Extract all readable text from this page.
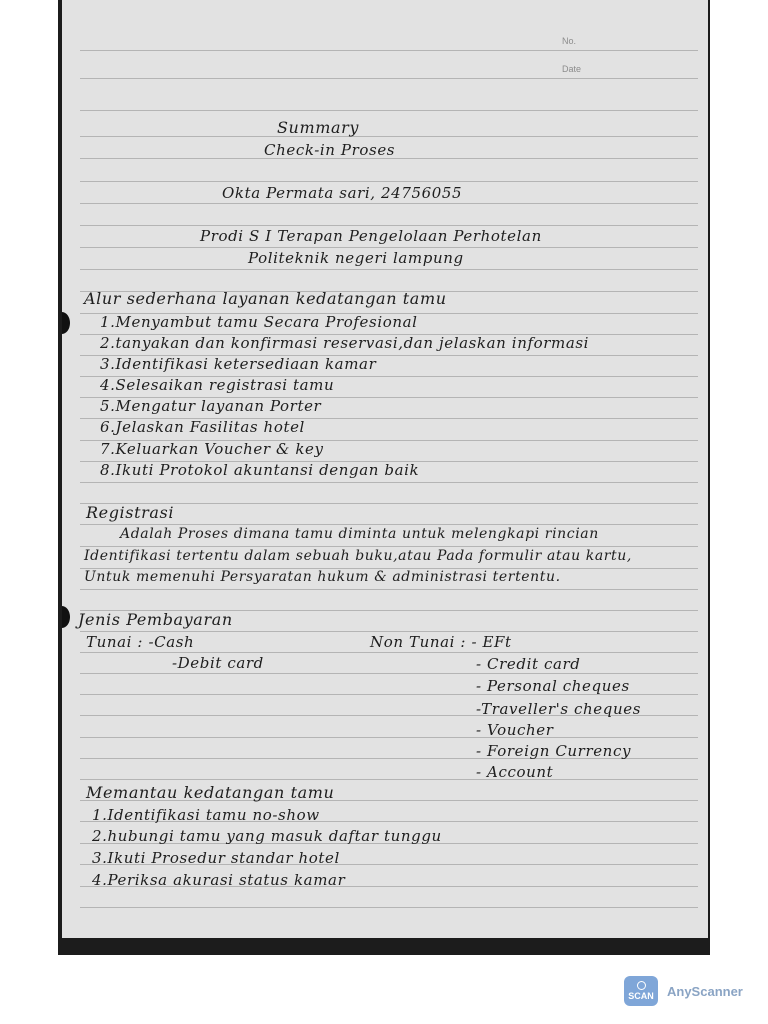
No.
Date
Summary
Check-in Proses
Okta Permata sari, 24756055
Prodi S I Terapan Pengelolaan Perhotelan
Politeknik negeri lampung
Alur sederhana layanan kedatangan tamu
1.Menyambut tamu Secara Profesional
2.tanyakan dan konfirmasi reservasi,dan jelaskan informasi
3.Identifikasi ketersediaan kamar
4.Selesaikan registrasi tamu
5.Mengatur layanan Porter
6.Jelaskan Fasilitas hotel
7.Keluarkan Voucher & key
8.Ikuti Protokol akuntansi dengan baik
Registrasi
Adalah Proses dimana tamu diminta untuk melengkapi rincian
Identifikasi tertentu dalam sebuah buku,atau Pada formulir atau kartu,
Untuk memenuhi Persyaratan hukum & administrasi tertentu.
Jenis Pembayaran
Tunai : -Cash
-Debit card
Non Tunai : - EFt
- Credit card
- Personal cheques
-Traveller's cheques
- Voucher
- Foreign Currency
- Account
Memantau kedatangan tamu
1.Identifikasi tamu no-show
2.hubungi tamu yang masuk daftar tunggu
3.Ikuti Prosedur standar hotel
4.Periksa akurasi status kamar
SCAN AnyScanner
